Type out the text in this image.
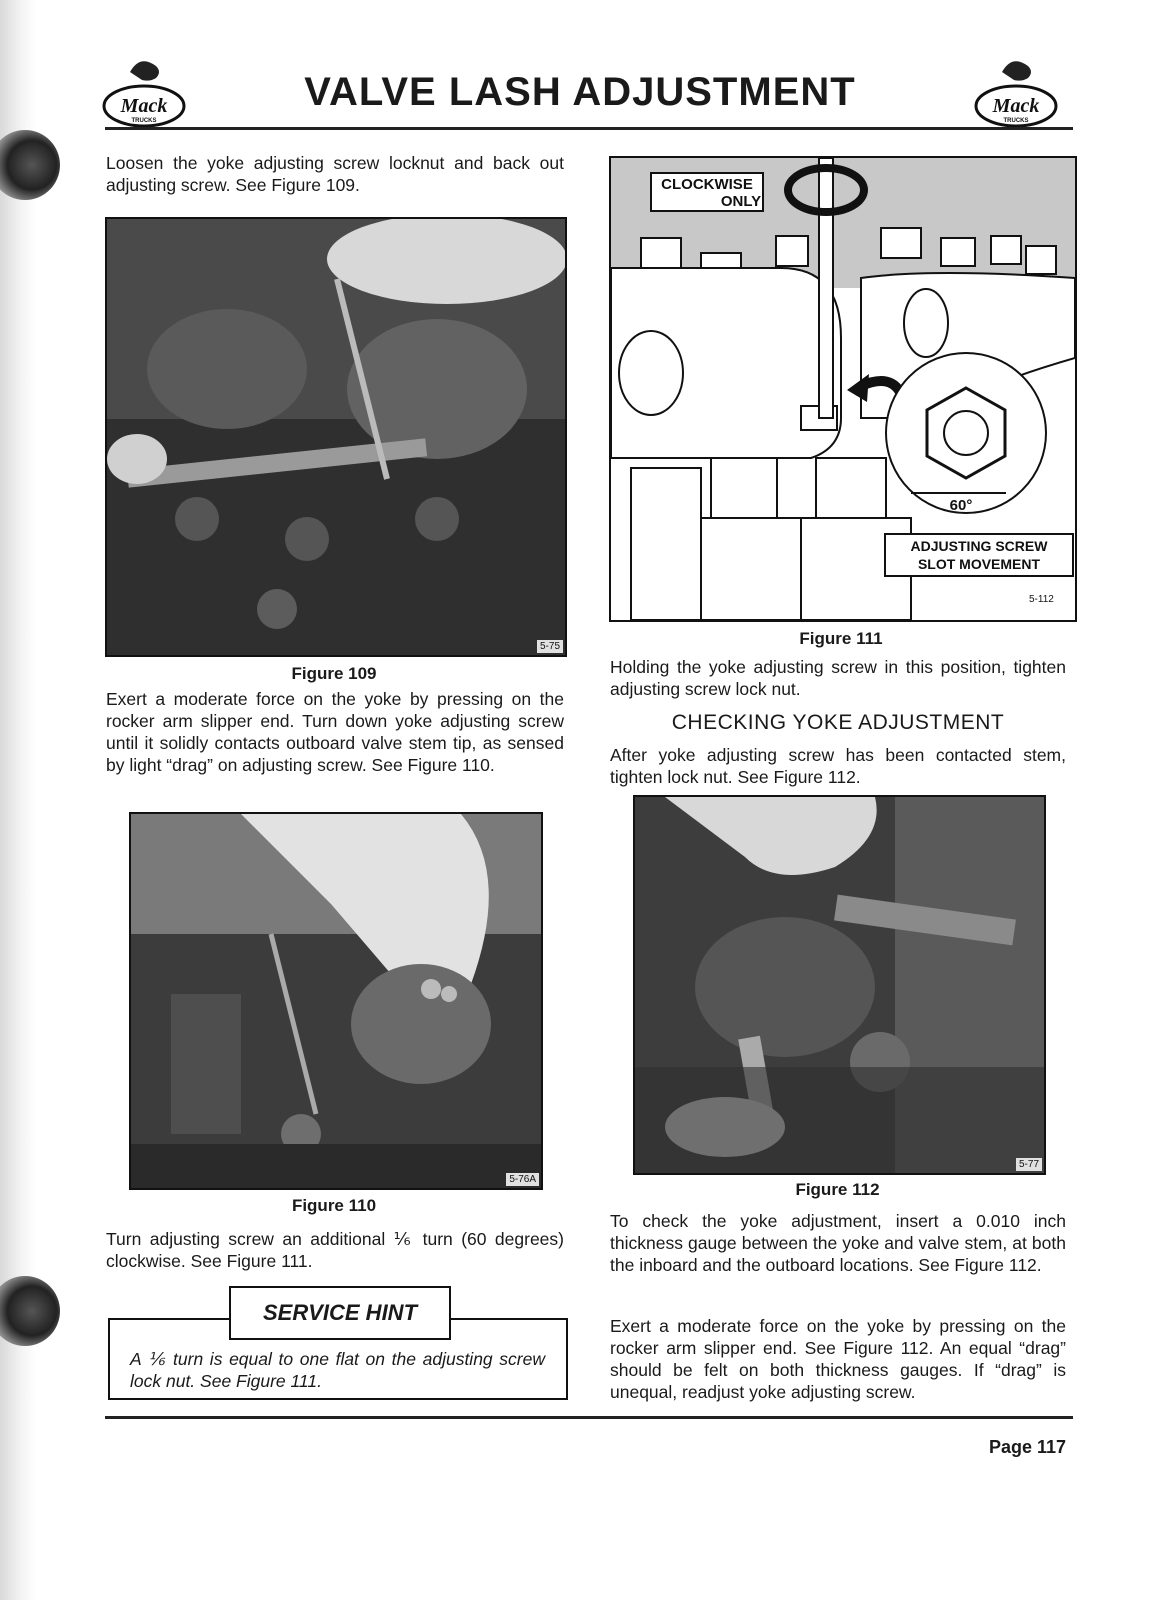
Mack
TRUCKS
VALVE LASH ADJUSTMENT	Mack
TRUCKS
Loosen the yoke adjusting screw locknut and back out adjusting screw. See Figure 109.
5-75
Figure 109
Exert a moderate force on the yoke by pressing on the rocker arm slipper end. Turn down yoke adjusting screw until it solidly contacts outboard valve stem tip, as sensed by light “drag” on adjusting screw. See Figure 110.
5-76A
Figure 110
Turn adjusting screw an additional ⅙ turn (60 degrees) clockwise. See Figure 111.
SERVICE HINT
A ⅙ turn is equal to one flat on the adjusting screw lock nut. See Figure 111.
CLOCKWISE
ONLY
60°
ADJUSTING SCREW
SLOT MOVEMENT
5-112
Figure 111
Holding the yoke adjusting screw in this position, tighten adjusting screw lock nut.
CHECKING YOKE ADJUSTMENT
After yoke adjusting screw has been contacted stem, tighten lock nut. See Figure 112.
5-77
Figure 112
To check the yoke adjustment, insert a 0.010 inch thickness gauge between the yoke and valve stem, at both the inboard and the outboard locations. See Figure 112.
Exert a moderate force on the yoke by pressing on the rocker arm slipper end. See Figure 112. An equal “drag” should be felt on both thickness gauges. If “drag” is unequal, readjust yoke adjusting screw.
Page 117
